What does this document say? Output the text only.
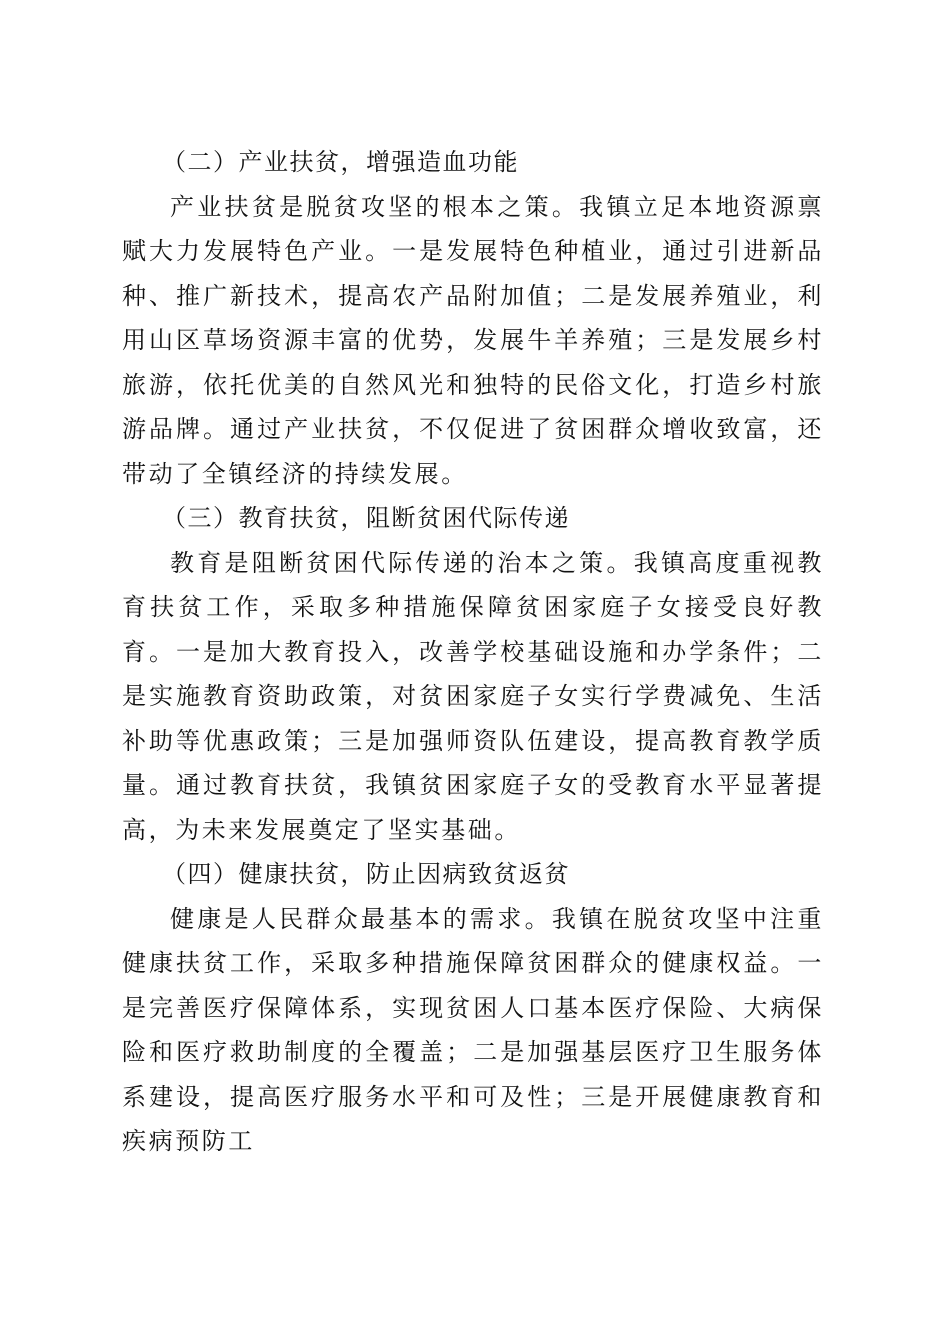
（二）产业扶贫，增强造血功能

产业扶贫是脱贫攻坚的根本之策。我镇立足本地资源禀赋大力发展特色产业。一是发展特色种植业，通过引进新品种、推广新技术，提高农产品附加值；二是发展养殖业，利用山区草场资源丰富的优势，发展牛羊养殖；三是发展乡村旅游，依托优美的自然风光和独特的民俗文化，打造乡村旅游品牌。通过产业扶贫，不仅促进了贫困群众增收致富，还带动了全镇经济的持续发展。

（三）教育扶贫，阻断贫困代际传递

教育是阻断贫困代际传递的治本之策。我镇高度重视教育扶贫工作，采取多种措施保障贫困家庭子女接受良好教育。一是加大教育投入，改善学校基础设施和办学条件；二是实施教育资助政策，对贫困家庭子女实行学费减免、生活补助等优惠政策；三是加强师资队伍建设，提高教育教学质量。通过教育扶贫，我镇贫困家庭子女的受教育水平显著提高，为未来发展奠定了坚实基础。

（四）健康扶贫，防止因病致贫返贫

健康是人民群众最基本的需求。我镇在脱贫攻坚中注重健康扶贫工作，采取多种措施保障贫困群众的健康权益。一是完善医疗保障体系，实现贫困人口基本医疗保险、大病保险和医疗救助制度的全覆盖；二是加强基层医疗卫生服务体系建设，提高医疗服务水平和可及性；三是开展健康教育和疾病预防工
